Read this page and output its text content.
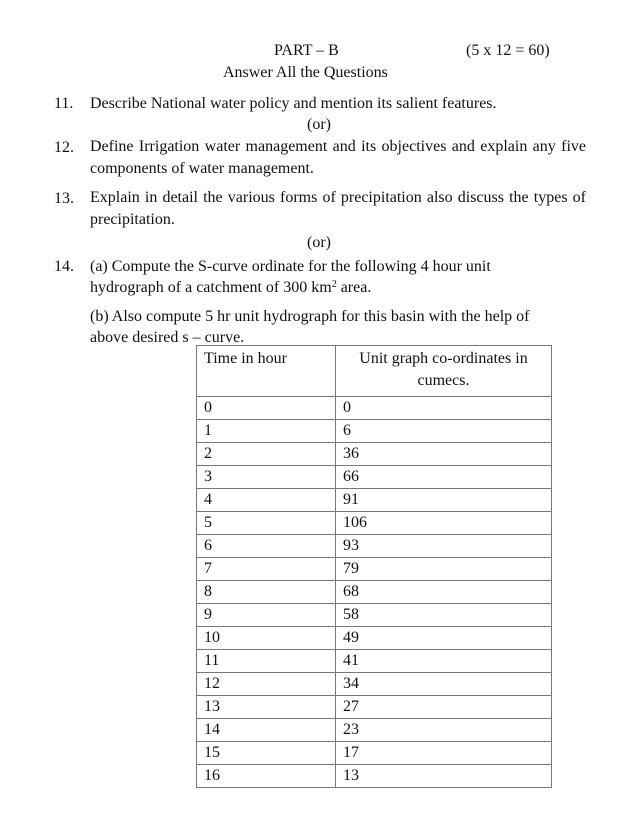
PART – B	(5 x 12 = 60)
Answer All the Questions
11.	Describe National water policy and mention its salient features.
(or)
12.	Define Irrigation water management and its objectives and explain any five components of water management.
13.	Explain in detail the various forms of precipitation also discuss the types of precipitation.
(or)
14.	(a) Compute the S-curve ordinate for the following 4 hour unit hydrograph of a catchment of 300 $km^2$ area.
(b) Also compute 5 hr unit hydrograph for this basin with the help of above desired s – curve.
Time in hour	Unit graph co-ordinates in cumecs.
0	0
1	6
2	36
3	66
4	91
5	106
6	93
7	79
8	68
9	58
10	49
11	41
12	34
13	27
14	23
15	17
16	13
